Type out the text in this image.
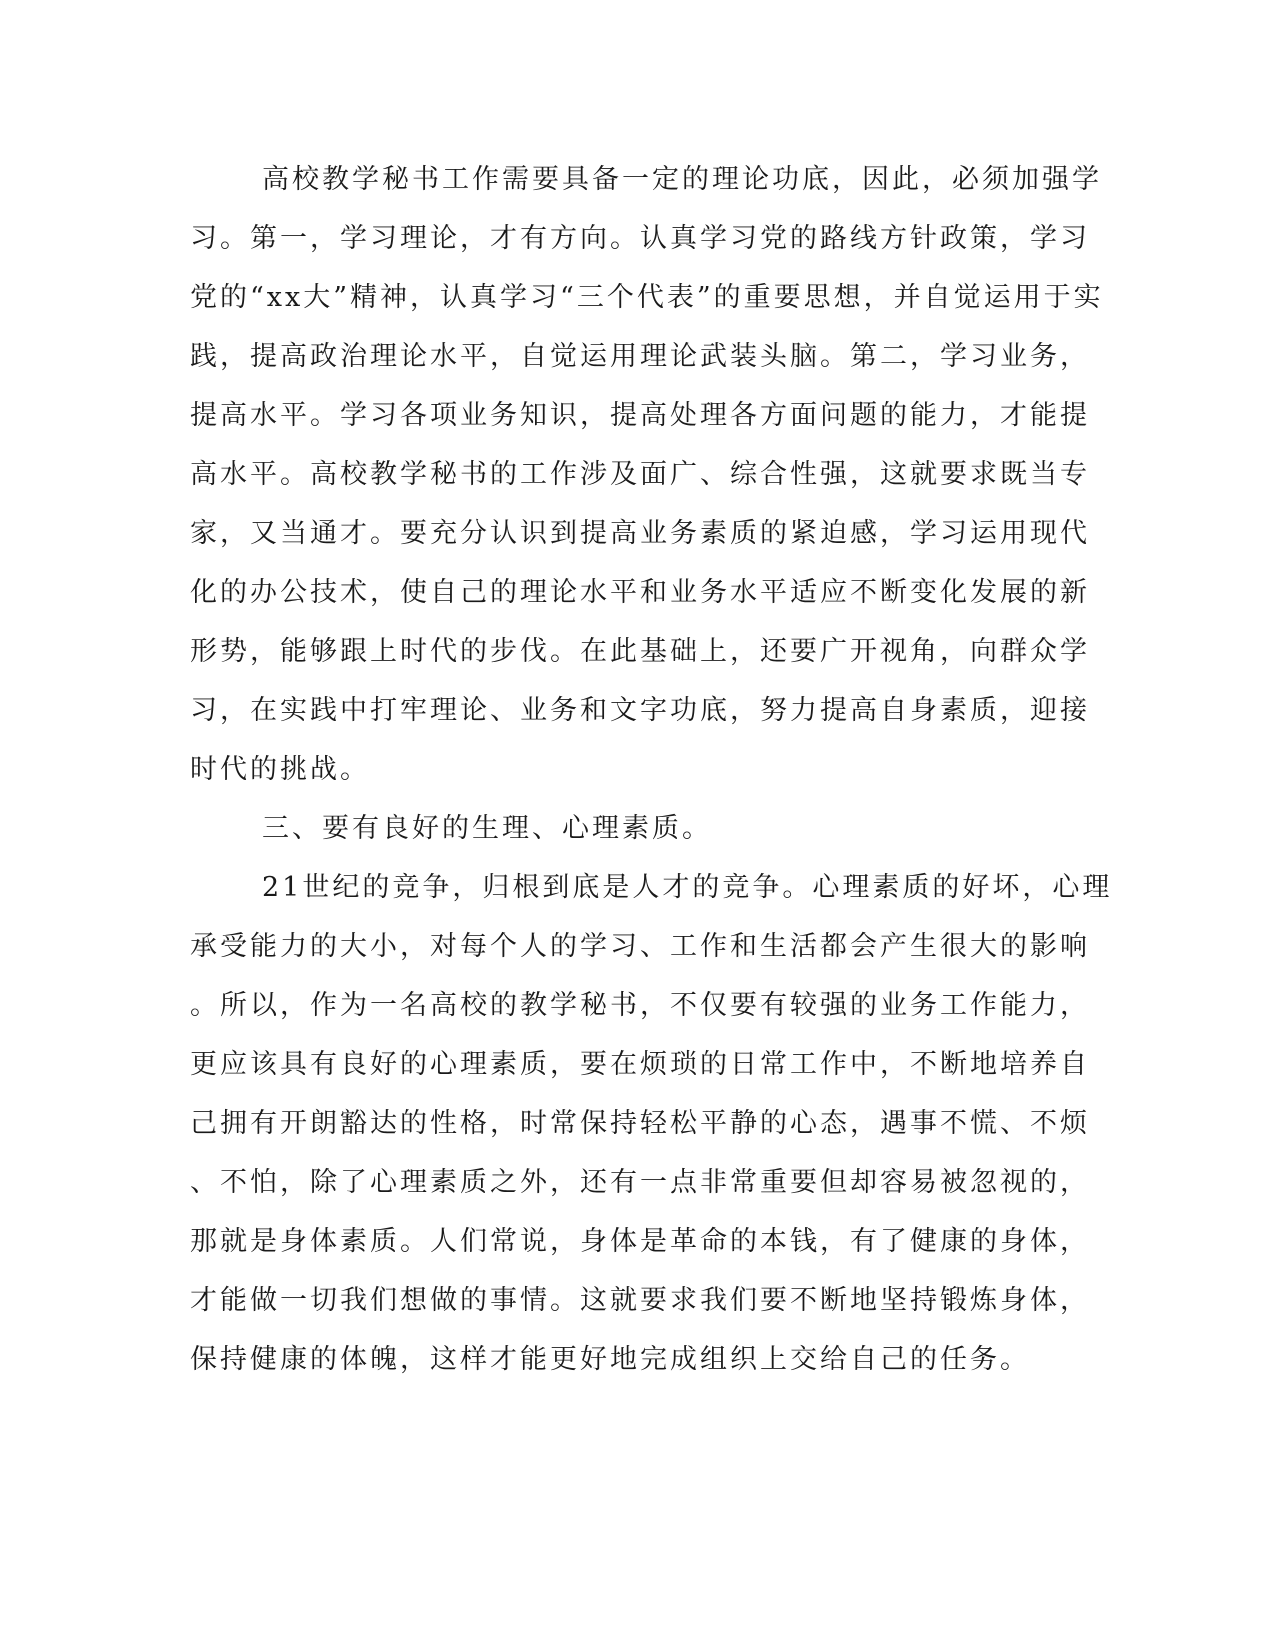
高校教学秘书工作需要具备一定的理论功底，因此，必须加强学
习。第一，学习理论，才有方向。认真学习党的路线方针政策，学习
党的“xx大”精神，认真学习“三个代表”的重要思想，并自觉运用于实
践，提高政治理论水平，自觉运用理论武装头脑。第二，学习业务，
提高水平。学习各项业务知识，提高处理各方面问题的能力，才能提
高水平。高校教学秘书的工作涉及面广、综合性强，这就要求既当专
家，又当通才。要充分认识到提高业务素质的紧迫感，学习运用现代
化的办公技术，使自己的理论水平和业务水平适应不断变化发展的新
形势，能够跟上时代的步伐。在此基础上，还要广开视角，向群众学
习，在实践中打牢理论、业务和文字功底，努力提高自身素质，迎接
时代的挑战。
三、要有良好的生理、心理素质。
21世纪的竞争，归根到底是人才的竞争。心理素质的好坏，心理
承受能力的大小，对每个人的学习、工作和生活都会产生很大的影响
。所以，作为一名高校的教学秘书，不仅要有较强的业务工作能力，
更应该具有良好的心理素质，要在烦琐的日常工作中，不断地培养自
己拥有开朗豁达的性格，时常保持轻松平静的心态，遇事不慌、不烦
、不怕，除了心理素质之外，还有一点非常重要但却容易被忽视的，
那就是身体素质。人们常说，身体是革命的本钱，有了健康的身体，
才能做一切我们想做的事情。这就要求我们要不断地坚持锻炼身体，
保持健康的体魄，这样才能更好地完成组织上交给自己的任务。
